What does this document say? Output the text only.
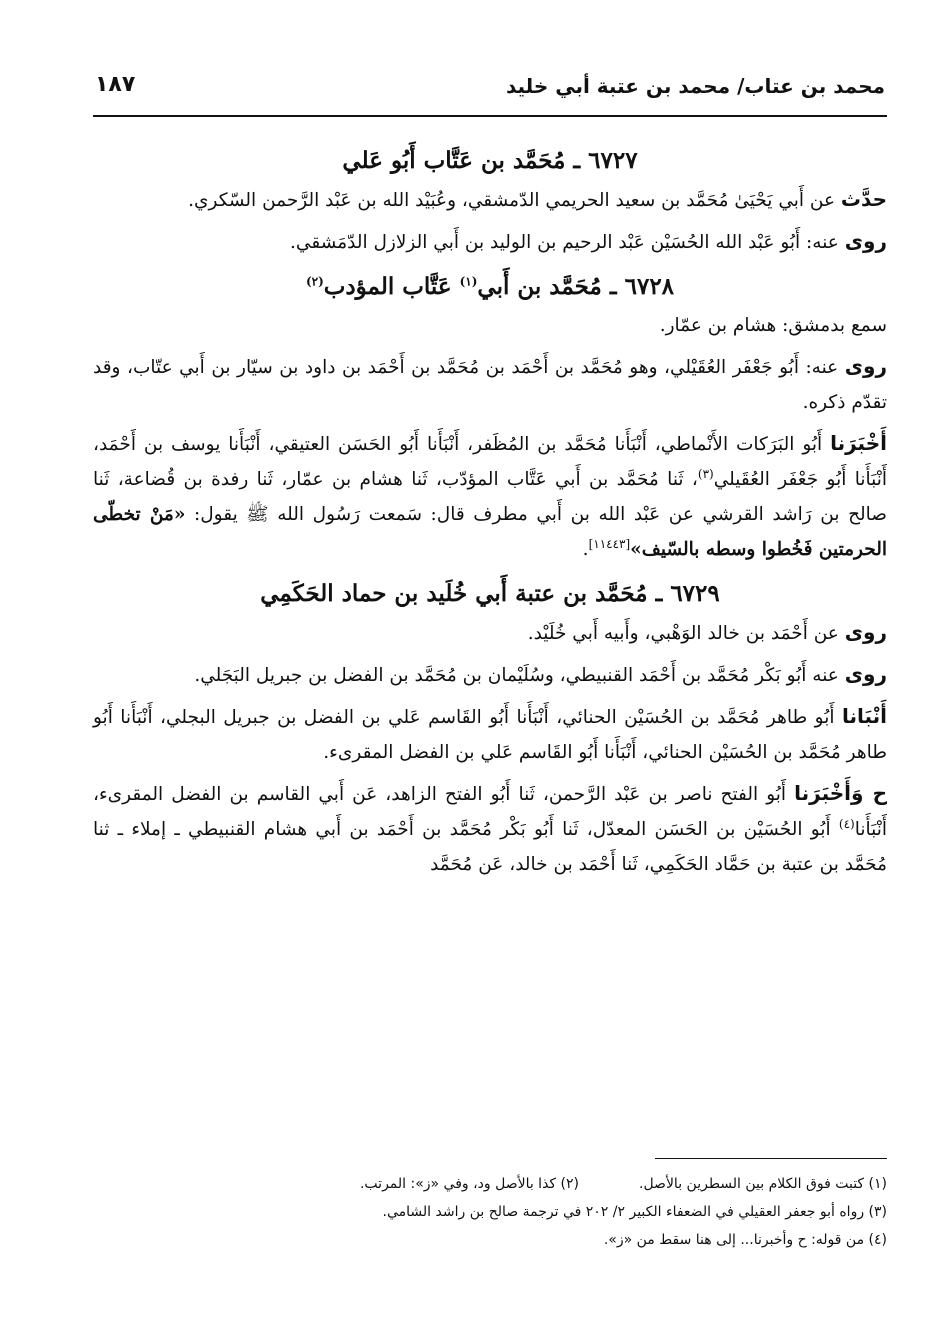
محمد بن عتاب/ محمد بن عتبة أبي خليد
١٨٧
٦٧٢٧ ـ مُحَمَّد بن عَتَّاب أَبُو عَلي

حدَّث عن أَبي يَحْيَىٰ مُحَمَّد بن سعيد الحريمي الدّمشقي، وعُبَيْد الله بن عَبْد الرَّحمن السّكري.

روى عنه: أَبُو عَبْد الله الحُسَيْن عَبْد الرحيم بن الوليد بن أَبي الزلازل الدّمَشقي.

٦٧٢٨ ـ مُحَمَّد بن أَبي$^{(١)}$ عَتَّاب المؤدب$^{(٢)}$

سمع بدمشق: هشام بن عمّار.

روى عنه: أَبُو جَعْفَر العُقَيْلي، وهو مُحَمَّد بن أَحْمَد بن مُحَمَّد بن أَحْمَد بن داود بن سيّار بن أَبي عتّاب، وقد تقدّم ذكره.

أَخْبَرَنا أَبُو البَرَكات الأَنْماطي، أَنْبَأَنا مُحَمَّد بن المُظَفر، أَنْبَأَنا أَبُو الحَسَن العتيقي، أَنْبَأَنا يوسف بن أَحْمَد، أَنْبَأَنا أَبُو جَعْفَر العُقَيلي$^{(٣)}$، ثَنا مُحَمَّد بن أَبي عَتَّاب المؤدّب، ثَنا هشام بن عمّار، ثَنا رفدة بن قُضاعة، ثَنا صالح بن رَاشد القرشي عن عَبْد الله بن أَبي مطرف قال: سَمعت رَسُول الله ﷺ يقول: «مَنْ تخطّى الحرمتين فَخُطوا وسطه بالسّيف»[١١٤٤٣].

٦٧٢٩ ـ مُحَمَّد بن عتبة أَبي خُلَيد بن حماد الحَكَمِي

روى عن أَحْمَد بن خالد الوَهْبي، وأَبيه أَبي خُلَيْد.

روى عنه أَبُو بَكْر مُحَمَّد بن أَحْمَد القنبيطي، وسُلَيْمان بن مُحَمَّد بن الفضل بن جبريل البَجَلي.

أَنْبَانا أَبُو طاهر مُحَمَّد بن الحُسَيْن الحنائي، أَنْبَأَنا أَبُو القَاسم عَلي بن الفضل بن جبريل البجلي، أَنْبَأَنا أَبُو طاهر مُحَمَّد بن الحُسَيْن الحنائي، أَنْبَأَنا أَبُو القَاسم عَلي بن الفضل المقرىء.

ح وَأَخْبَرَنا أَبُو الفتح ناصر بن عَبْد الرَّحمن، ثَنا أَبُو الفتح الزاهد، عَن أَبي القاسم بن الفضل المقرىء، أَنْبَأَنا$^{(٤)}$ أَبُو الحُسَيْن بن الحَسَن المعدّل، ثَنا أَبُو بَكْر مُحَمَّد بن أَحْمَد بن أَبي هشام القنبيطي ـ إملاء ـ ثنا مُحَمَّد بن عتبة بن حَمَّاد الحَكَمِي، ثَنا أَحْمَد بن خالد، عَن مُحَمَّد

(١) كتبت فوق الكلام بين السطرين بالأصل.
(٢) كذا بالأصل ود، وفي «ز»: المرتب.
(٣) رواه أبو جعفر العقيلي في الضعفاء الكبير ٢/ ٢٠٢ في ترجمة صالح بن راشد الشامي.
(٤) من قوله: ح وأخبرنا... إلى هنا سقط من «ز».
